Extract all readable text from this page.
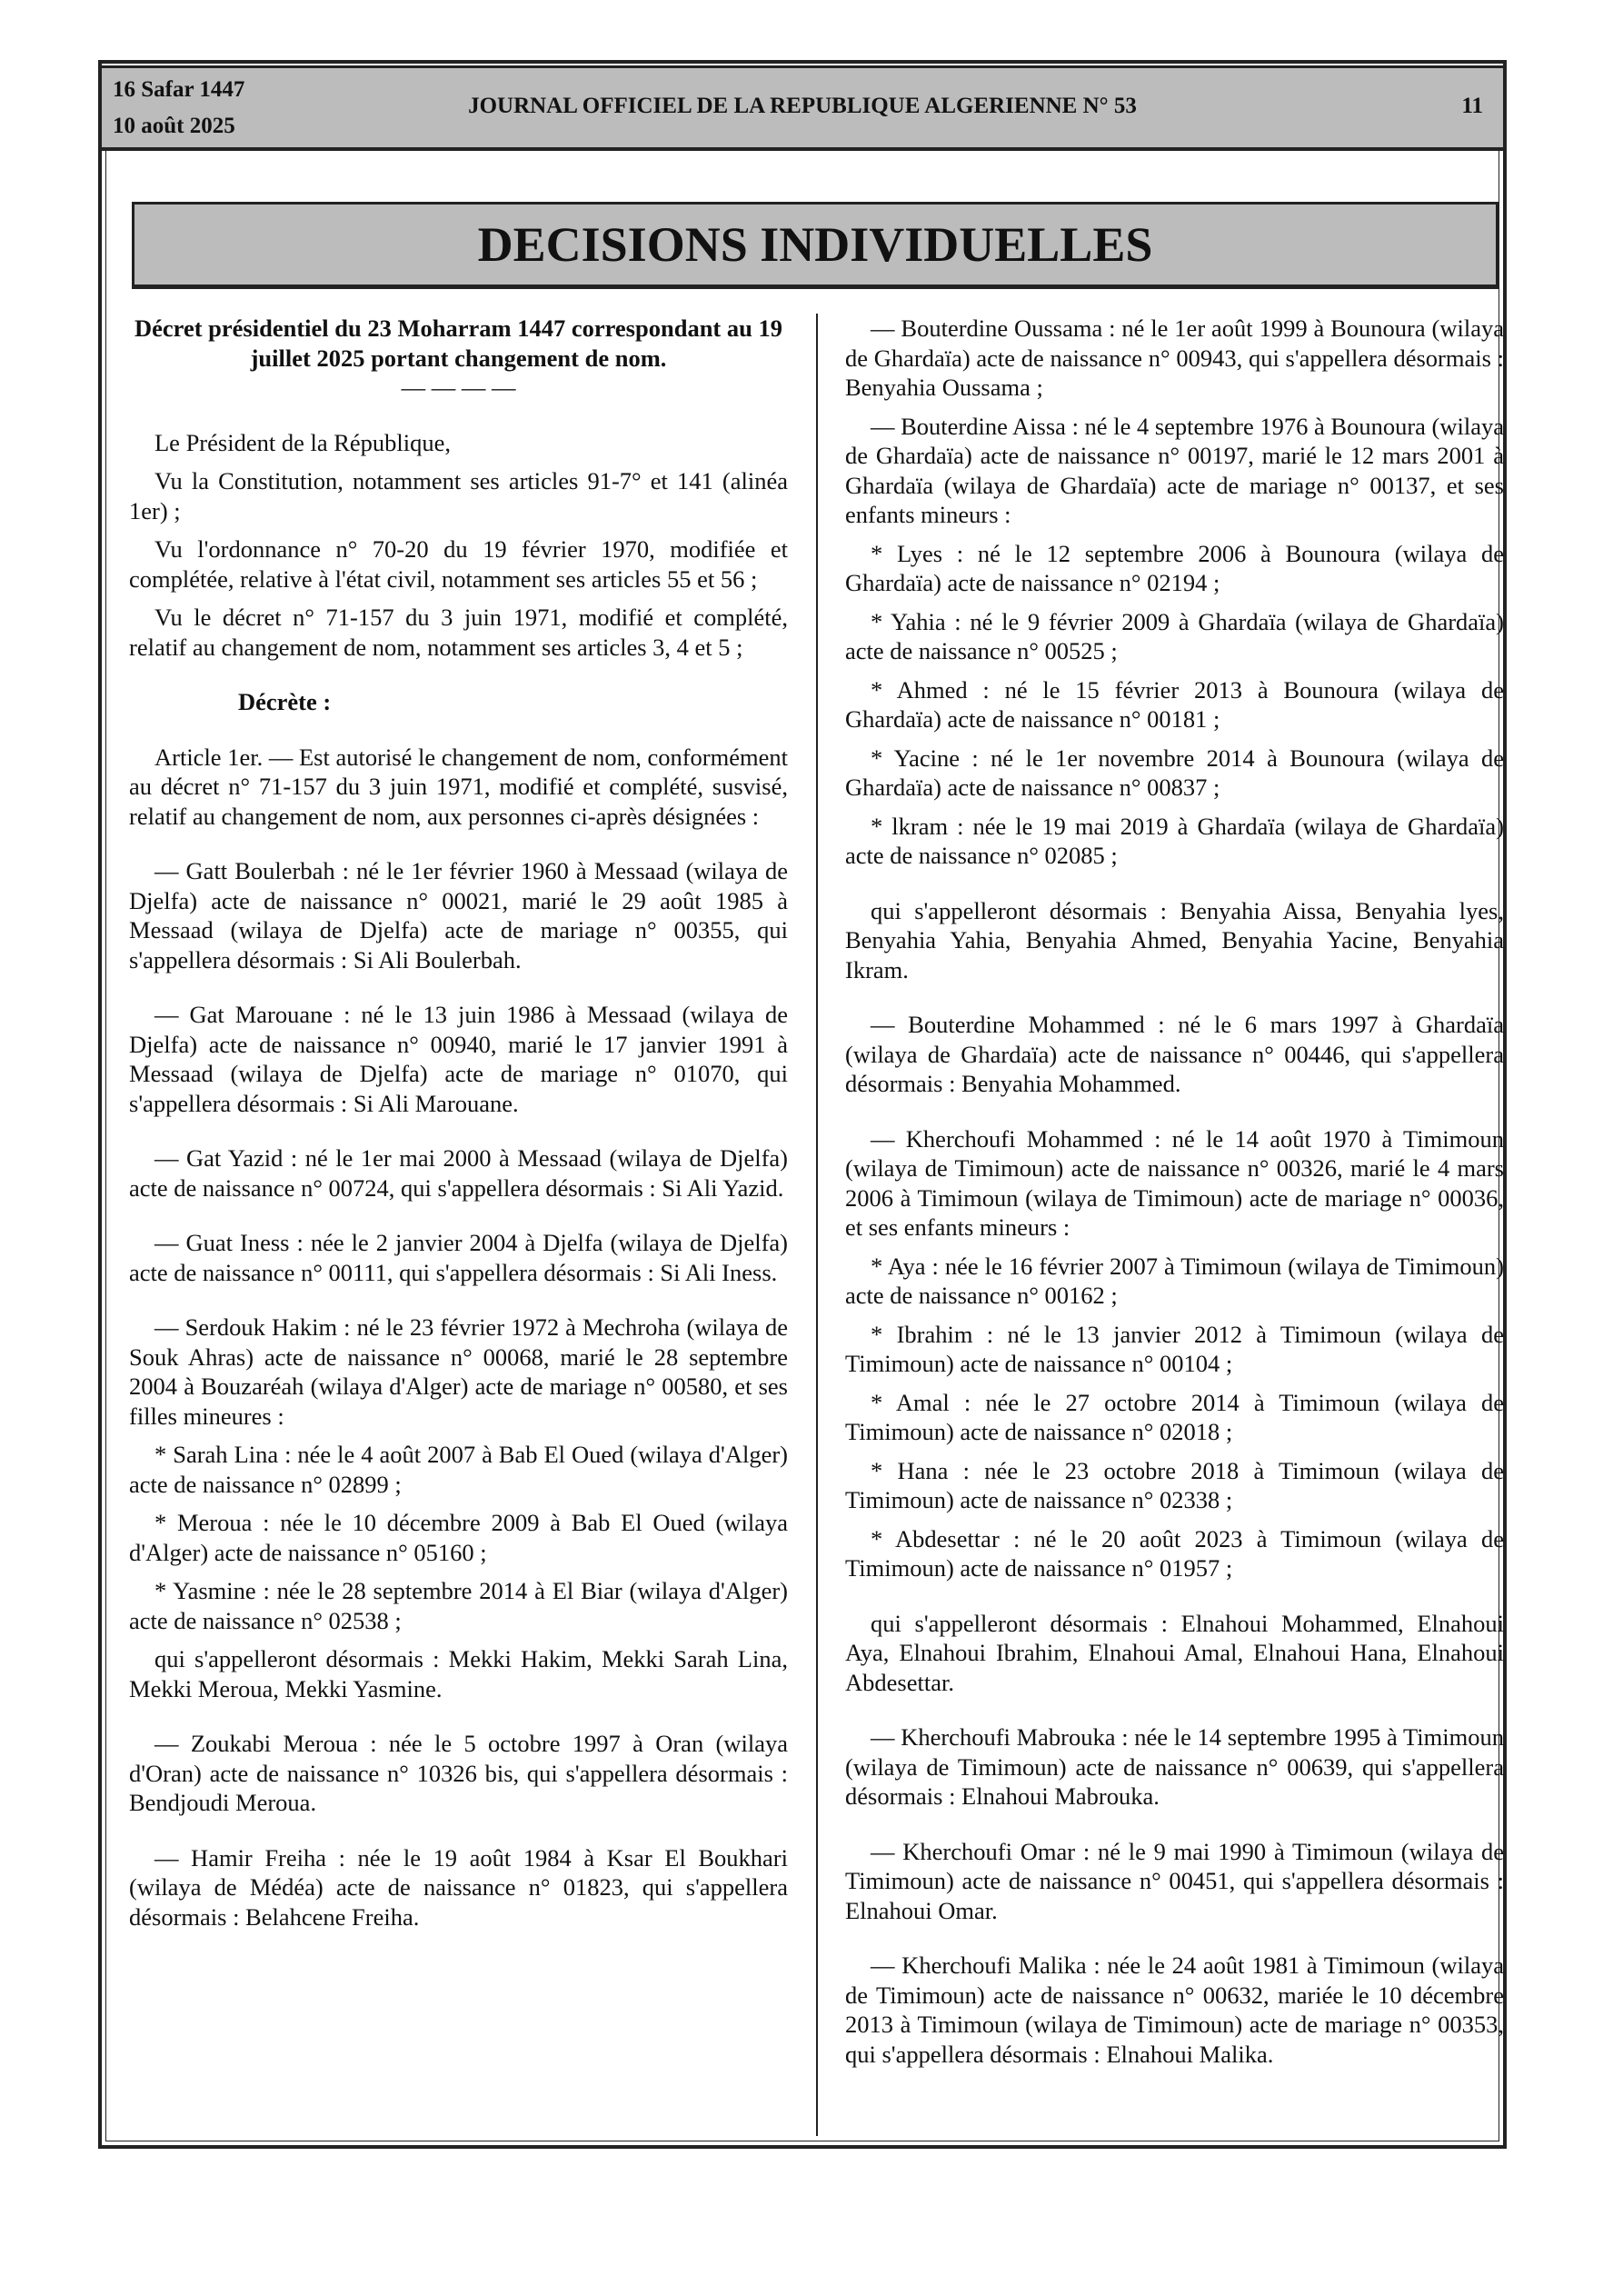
16 Safar 1447
10 août 2025
JOURNAL OFFICIEL DE LA REPUBLIQUE ALGERIENNE N° 53	11
DECISIONS INDIVIDUELLES

Décret présidentiel du 23 Moharram 1447 correspondant au 19 juillet 2025 portant changement de nom.

— — — —

Le Président de la République,

Vu la Constitution, notamment ses articles 91-7° et 141 (alinéa 1er) ;

Vu l'ordonnance n° 70-20 du 19 février 1970, modifiée et complétée, relative à l'état civil, notamment ses articles 55 et 56 ;

Vu le décret n° 71-157 du 3 juin 1971, modifié et complété, relatif au changement de nom, notamment ses articles 3, 4 et 5 ;

Décrète :

Article 1er. — Est autorisé le changement de nom, conformément au décret n° 71-157 du 3 juin 1971, modifié et complété, susvisé, relatif au changement de nom, aux personnes ci-après désignées :

— Gatt Boulerbah : né le 1er février 1960 à Messaad (wilaya de Djelfa) acte de naissance n° 00021, marié le 29 août 1985 à Messaad (wilaya de Djelfa) acte de mariage n° 00355, qui s'appellera désormais : Si Ali Boulerbah.

— Gat Marouane : né le 13 juin 1986 à Messaad (wilaya de Djelfa) acte de naissance n° 00940, marié le 17 janvier 1991 à Messaad (wilaya de Djelfa) acte de mariage n° 01070, qui s'appellera désormais : Si Ali Marouane.

— Gat Yazid : né le 1er mai 2000 à Messaad (wilaya de Djelfa) acte de naissance n° 00724, qui s'appellera désormais : Si Ali Yazid.

— Guat Iness : née le 2 janvier 2004 à Djelfa (wilaya de Djelfa) acte de naissance n° 00111, qui s'appellera désormais : Si Ali Iness.

— Serdouk Hakim : né le 23 février 1972 à Mechroha (wilaya de Souk Ahras) acte de naissance n° 00068, marié le 28 septembre 2004 à Bouzaréah (wilaya d'Alger) acte de mariage n° 00580, et ses filles mineures :

* Sarah Lina : née le 4 août 2007 à Bab El Oued (wilaya d'Alger) acte de naissance n° 02899 ;

* Meroua : née le 10 décembre 2009 à Bab El Oued (wilaya d'Alger) acte de naissance n° 05160 ;

* Yasmine : née le 28 septembre 2014 à El Biar (wilaya d'Alger) acte de naissance n° 02538 ;

qui s'appelleront désormais : Mekki Hakim, Mekki Sarah Lina, Mekki Meroua, Mekki Yasmine.

— Zoukabi Meroua : née le 5 octobre 1997 à Oran (wilaya d'Oran) acte de naissance n° 10326 bis, qui s'appellera désormais : Bendjoudi Meroua.

— Hamir Freiha : née le 19 août 1984 à Ksar El Boukhari (wilaya de Médéa) acte de naissance n° 01823, qui s'appellera désormais : Belahcene Freiha.

— Bouterdine Oussama : né le 1er août 1999 à Bounoura (wilaya de Ghardaïa) acte de naissance n° 00943, qui s'appellera désormais : Benyahia Oussama ;

— Bouterdine Aissa : né le 4 septembre 1976 à Bounoura (wilaya de Ghardaïa) acte de naissance n° 00197, marié le 12 mars 2001 à Ghardaïa (wilaya de Ghardaïa) acte de mariage n° 00137, et ses enfants mineurs :

* Lyes : né le 12 septembre 2006 à Bounoura (wilaya de Ghardaïa) acte de naissance n° 02194 ;

* Yahia : né le 9 février 2009 à Ghardaïa (wilaya de Ghardaïa) acte de naissance n° 00525 ;

* Ahmed : né le 15 février 2013 à Bounoura (wilaya de Ghardaïa) acte de naissance n° 00181 ;

* Yacine : né le 1er novembre 2014 à Bounoura (wilaya de Ghardaïa) acte de naissance n° 00837 ;

* lkram : née le 19 mai 2019 à Ghardaïa (wilaya de Ghardaïa) acte de naissance n° 02085 ;

qui s'appelleront désormais : Benyahia Aissa, Benyahia lyes, Benyahia Yahia, Benyahia Ahmed, Benyahia Yacine, Benyahia Ikram.

— Bouterdine Mohammed : né le 6 mars 1997 à Ghardaïa (wilaya de Ghardaïa) acte de naissance n° 00446, qui s'appellera désormais : Benyahia Mohammed.

— Kherchoufi Mohammed : né le 14 août 1970 à Timimoun (wilaya de Timimoun) acte de naissance n° 00326, marié le 4 mars 2006 à Timimoun (wilaya de Timimoun) acte de mariage n° 00036, et ses enfants mineurs :

* Aya : née le 16 février 2007 à Timimoun (wilaya de Timimoun) acte de naissance n° 00162 ;

* Ibrahim : né le 13 janvier 2012 à Timimoun (wilaya de Timimoun) acte de naissance n° 00104 ;

* Amal : née le 27 octobre 2014 à Timimoun (wilaya de Timimoun) acte de naissance n° 02018 ;

* Hana : née le 23 octobre 2018 à Timimoun (wilaya de Timimoun) acte de naissance n° 02338 ;

* Abdesettar : né le 20 août 2023 à Timimoun (wilaya de Timimoun) acte de naissance n° 01957 ;

qui s'appelleront désormais : Elnahoui Mohammed, Elnahoui Aya, Elnahoui Ibrahim, Elnahoui Amal, Elnahoui Hana, Elnahoui Abdesettar.

— Kherchoufi Mabrouka : née le 14 septembre 1995 à Timimoun (wilaya de Timimoun) acte de naissance n° 00639, qui s'appellera désormais : Elnahoui Mabrouka.

— Kherchoufi Omar : né le 9 mai 1990 à Timimoun (wilaya de Timimoun) acte de naissance n° 00451, qui s'appellera désormais : Elnahoui Omar.

— Kherchoufi Malika : née le 24 août 1981 à Timimoun (wilaya de Timimoun) acte de naissance n° 00632, mariée le 10 décembre 2013 à Timimoun (wilaya de Timimoun) acte de mariage n° 00353, qui s'appellera désormais : Elnahoui Malika.
